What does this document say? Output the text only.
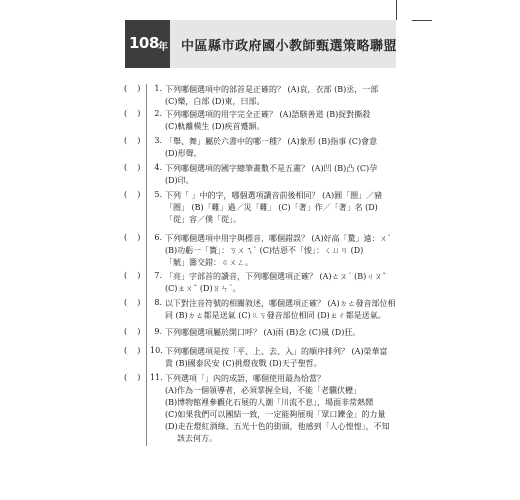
108 年 中區縣市政府國小教師甄選策略聯盟
(    )	1. 下列哪個選項中的部首是正確的？ (A)哀，衣部 (B)丞，一部
(C)樂，白部 (D)東，曰部。
(    )	2. 下列哪個選項的用字完全正確？ (A)語駭善道 (B)捉對撕殺
(C)軌離模生 (D)疾首蹙額。
(    )	3. 「舉、舞」屬於六書中的哪一種？ (A)象形 (B)指事 (C)會意
(D)形聲。
(    )	4. 下列哪個選項的國字總筆畫數不是五畫？ (A)凹 (B)凸 (C)孕
(D)印。
(    )	5. 下列「 」中的字，哪個選項讀音前後相同？ (A)圓「圈」／豬
「圈」 (B)「難」過／災「難」 (C)「著」作／「著」名 (D)
「從」容／僕「從」。
(    )	6. 下列哪個選項中用字與標音，哪個錯誤？ (A)好高「騖」遠：ㄨˋ
(B)功虧一「簣」：ㄎㄨㄟˋ (C)怙惡不「悛」：ㄑㄩㄢ (D)
「觥」籌交錯：ㄍㄨㄥ。
(    )	7. 「亮」字部首的讀音，下列哪個選項正確？ (A)ㄊㄡˊ (B)ㄐㄡˇ
(C)ㄓㄨˇ (D)ㄖㄣˊ。
(    )	8. 以下對注音符號的相關敘述，哪個選項正確？ (A)ㄉㄊ發音部位相
同 (B)ㄉㄊ都是送氣 (C)ㄍㄎ發音部位相同 (D)ㄓㄔ都是送氣。
(    )	9. 下列哪個選項屬於開口呼？ (A)雨 (B)念 (C)風 (D)狂。
(    ) 10. 下列哪個選項是按「平、上、去、入」的順序排列？ (A)榮華富
貴 (B)國泰民安 (C)挑燈夜戰 (D)天子聖哲。
(    ) 11. 下列選項「」內的成語，哪個使用最為恰當？
(A)作為一個領導者，必須掌握全局，不能「老驥伏櫪」
(B)博物館裡參觀化石展的人潮「川流不息」，場面非常熱鬧
(C)如果我們可以團結一致，一定能夠展現「眾口鑠金」的力量
(D)走在燈紅酒綠、五光十色的街頭，他感到「人心惶惶」，不知
該去何方。
